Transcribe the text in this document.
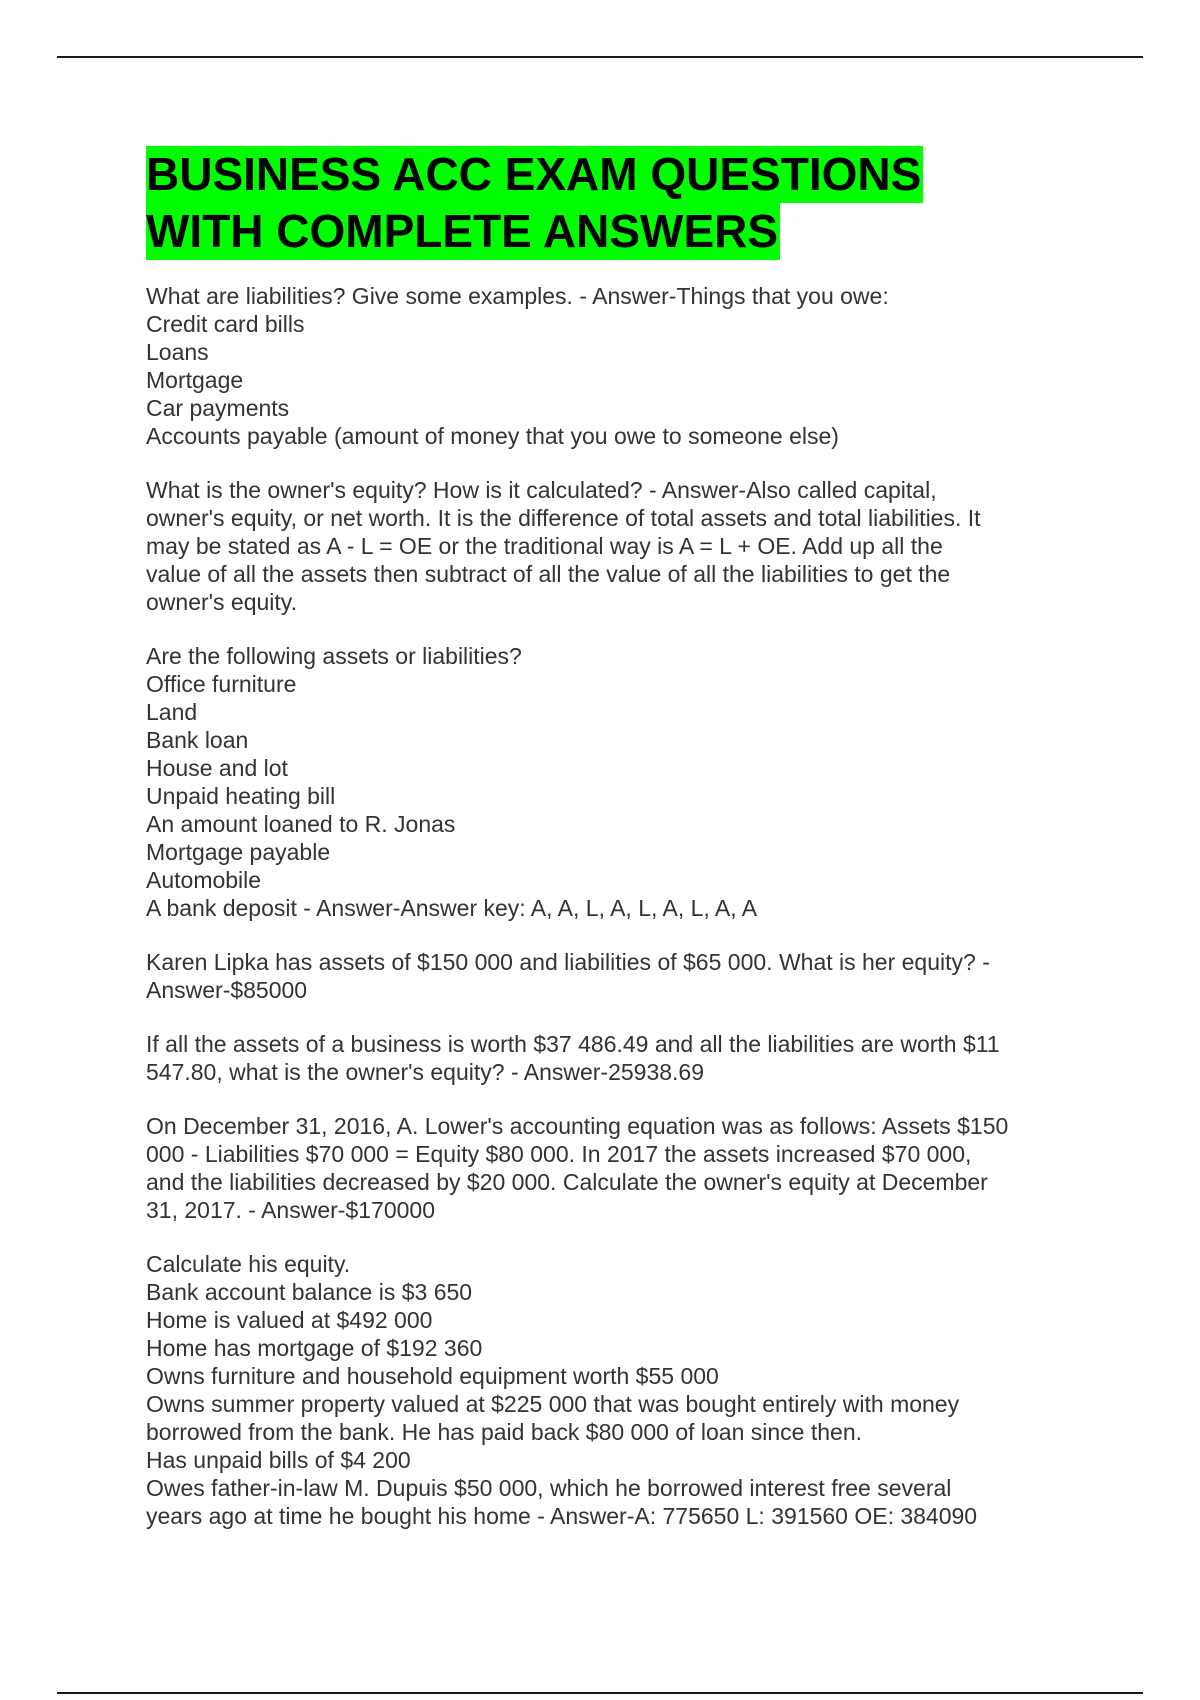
BUSINESS ACC EXAM QUESTIONS
WITH COMPLETE ANSWERS

What are liabilities? Give some examples. - Answer-Things that you owe:
Credit card bills
Loans
Mortgage
Car payments
Accounts payable (amount of money that you owe to someone else)

What is the owner's equity? How is it calculated? - Answer-Also called capital,
owner's equity, or net worth. It is the difference of total assets and total liabilities. It
may be stated as A - L = OE or the traditional way is A = L + OE. Add up all the
value of all the assets then subtract of all the value of all the liabilities to get the
owner's equity.

Are the following assets or liabilities?
Office furniture
Land
Bank loan
House and lot
Unpaid heating bill
An amount loaned to R. Jonas
Mortgage payable
Automobile
A bank deposit - Answer-Answer key: A, A, L, A, L, A, L, A, A

Karen Lipka has assets of $150 000 and liabilities of $65 000. What is her equity? -
Answer-$85000

If all the assets of a business is worth $37 486.49 and all the liabilities are worth $11
547.80, what is the owner's equity? - Answer-25938.69

On December 31, 2016, A. Lower's accounting equation was as follows: Assets $150
000 - Liabilities $70 000 = Equity $80 000. In 2017 the assets increased $70 000,
and the liabilities decreased by $20 000. Calculate the owner's equity at December
31, 2017. - Answer-$170000

Calculate his equity.
Bank account balance is $3 650
Home is valued at $492 000
Home has mortgage of $192 360
Owns furniture and household equipment worth $55 000
Owns summer property valued at $225 000 that was bought entirely with money
borrowed from the bank. He has paid back $80 000 of loan since then.
Has unpaid bills of $4 200
Owes father-in-law M. Dupuis $50 000, which he borrowed interest free several
years ago at time he bought his home - Answer-A: 775650 L: 391560 OE: 384090
